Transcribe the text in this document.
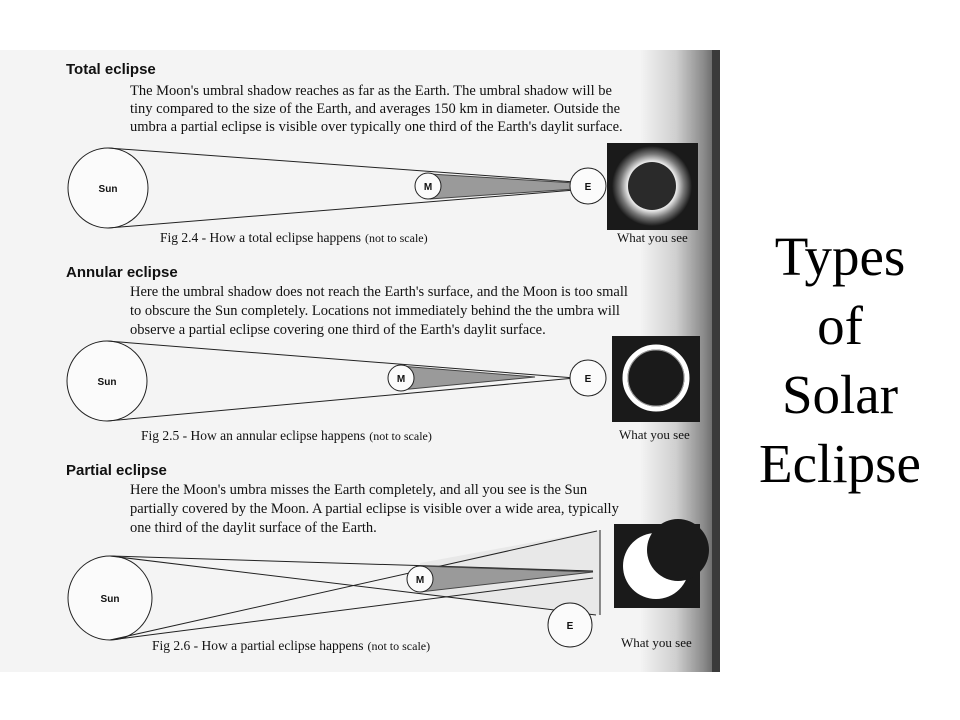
Total eclipse
The Moon's umbral shadow reaches as far as the Earth. The umbral shadow will be
tiny compared to the size of the Earth, and averages 150 km in diameter. Outside the
umbra a partial eclipse is visible over typically one third of the Earth's daylit surface.
Sun	M	E
Fig 2.4 - How a total eclipse happens (not to scale)	What you see
Annular eclipse
Here the umbral shadow does not reach the Earth's surface, and the Moon is too small
to obscure the Sun completely. Locations not immediately behind the the umbra will
observe a partial eclipse covering one third of the Earth's daylit surface.
Sun	M	E
Fig 2.5 - How an annular eclipse happens (not to scale)	What you see
Partial eclipse
Here the Moon's umbra misses the Earth completely, and all you see is the Sun
partially covered by the Moon. A partial eclipse is visible over a wide area, typically
one third of the daylit surface of the Earth.
Sun
M
E
Fig 2.6 - How a partial eclipse happens (not to scale)	What you see
Types
of
Solar
Eclipse
